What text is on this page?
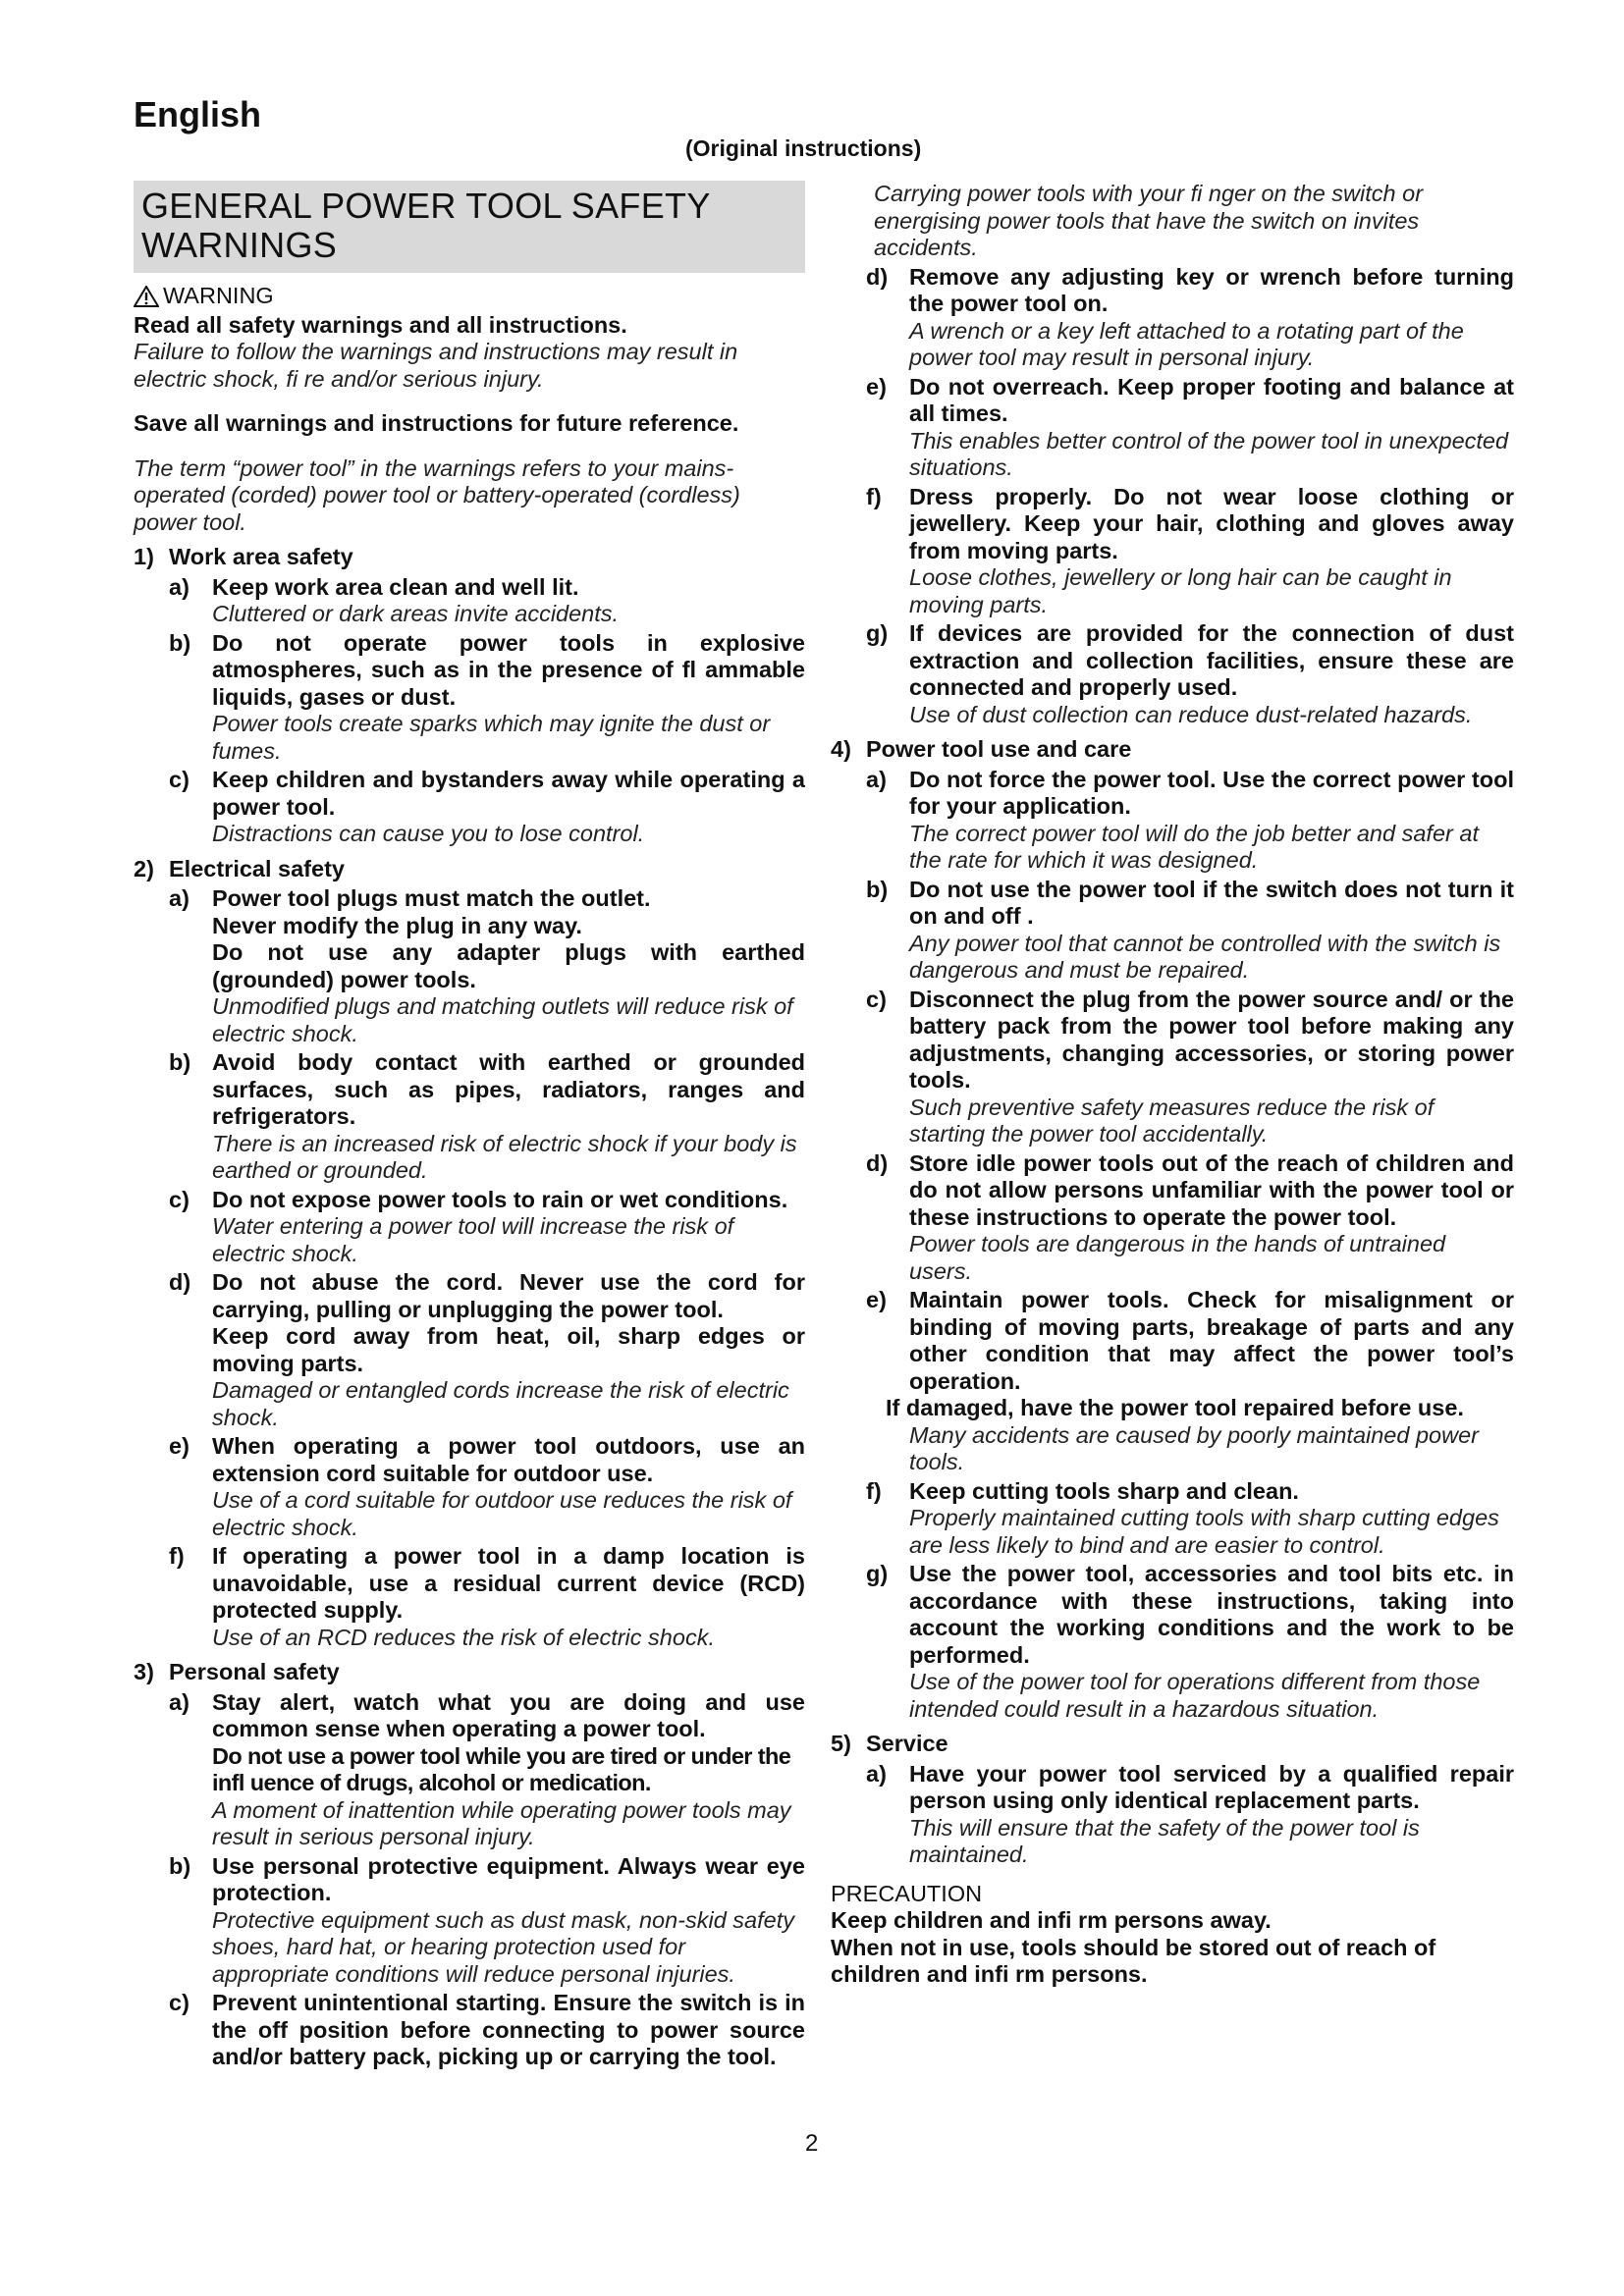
English
(Original instructions)
GENERAL POWER TOOL SAFETY WARNINGS
WARNING
Read all safety warnings and all instructions.
Failure to follow the warnings and instructions may result in electric shock, fi re and/or serious injury.
Save all warnings and instructions for future reference.
The term “power tool” in the warnings refers to your mains-operated (corded) power tool or battery-operated (cordless) power tool.
1) Work area safety
a) Keep work area clean and well lit.
Cluttered or dark areas invite accidents.
b) Do not operate power tools in explosive atmospheres, such as in the presence of fl ammable liquids, gases or dust.
Power tools create sparks which may ignite the dust or fumes.
c) Keep children and bystanders away while operating a power tool.
Distractions can cause you to lose control.
2) Electrical safety
a) Power tool plugs must match the outlet.
Never modify the plug in any way.
Do not use any adapter plugs with earthed (grounded) power tools.
Unmodified plugs and matching outlets will reduce risk of electric shock.
b) Avoid body contact with earthed or grounded surfaces, such as pipes, radiators, ranges and refrigerators.
There is an increased risk of electric shock if your body is earthed or grounded.
c) Do not expose power tools to rain or wet conditions.
Water entering a power tool will increase the risk of electric shock.
d) Do not abuse the cord. Never use the cord for carrying, pulling or unplugging the power tool.
Keep cord away from heat, oil, sharp edges or moving parts.
Damaged or entangled cords increase the risk of electric shock.
e) When operating a power tool outdoors, use an extension cord suitable for outdoor use.
Use of a cord suitable for outdoor use reduces the risk of electric shock.
f)	If operating a power tool in a damp location is unavoidable, use a residual current device (RCD) protected supply.
Use of an RCD reduces the risk of electric shock.
3) Personal safety
a) Stay alert, watch what you are doing and use common sense when operating a power tool.
Do not use a power tool while you are tired or under the infl uence of drugs, alcohol or medication.
A moment of inattention while operating power tools may result in serious personal injury.
b) Use personal protective equipment. Always wear eye protection.
Protective equipment such as dust mask, non-skid safety shoes, hard hat, or hearing protection used for appropriate conditions will reduce personal injuries.
c) Prevent unintentional starting. Ensure the switch is in the off position before connecting to power source and/or battery pack, picking up or carrying the tool.
Carrying power tools with your fi nger on the switch or energising power tools that have the switch on invites accidents.
d) Remove any adjusting key or wrench before turning the power tool on.
A wrench or a key left attached to a rotating part of the power tool may result in personal injury.
e) Do not overreach. Keep proper footing and balance at all times.
This enables better control of the power tool in unexpected situations.
f)	Dress properly. Do not wear loose clothing or jewellery. Keep your hair, clothing and gloves away from moving parts.
Loose clothes, jewellery or long hair can be caught in moving parts.
g) If devices are provided for the connection of dust extraction and collection facilities, ensure these are connected and properly used.
Use of dust collection can reduce dust-related hazards.
4) Power tool use and care
a) Do not force the power tool. Use the correct power tool for your application.
The correct power tool will do the job better and safer at the rate for which it was designed.
b) Do not use the power tool if the switch does not turn it on and off .
Any power tool that cannot be controlled with the switch is dangerous and must be repaired.
c) Disconnect the plug from the power source and/ or the battery pack from the power tool before making any adjustments, changing accessories, or storing power tools.
Such preventive safety measures reduce the risk of starting the power tool accidentally.
d) Store idle power tools out of the reach of children and do not allow persons unfamiliar with the power tool or these instructions to operate the power tool.
Power tools are dangerous in the hands of untrained users.
e) Maintain power tools. Check for misalignment or binding of moving parts, breakage of parts and any other condition that may affect the power tool’s operation.
If damaged, have the power tool repaired before use.
Many accidents are caused by poorly maintained power tools.
f)	Keep cutting tools sharp and clean.
Properly maintained cutting tools with sharp cutting edges are less likely to bind and are easier to control.
g) Use the power tool, accessories and tool bits etc. in accordance with these instructions, taking into account the working conditions and the work to be performed.
Use of the power tool for operations different from those intended could result in a hazardous situation.
5) Service
a) Have your power tool serviced by a qualified repair person using only identical replacement parts.
This will ensure that the safety of the power tool is maintained.
PRECAUTION
Keep children and infi rm persons away.
When not in use, tools should be stored out of reach of children and infi rm persons.
2
